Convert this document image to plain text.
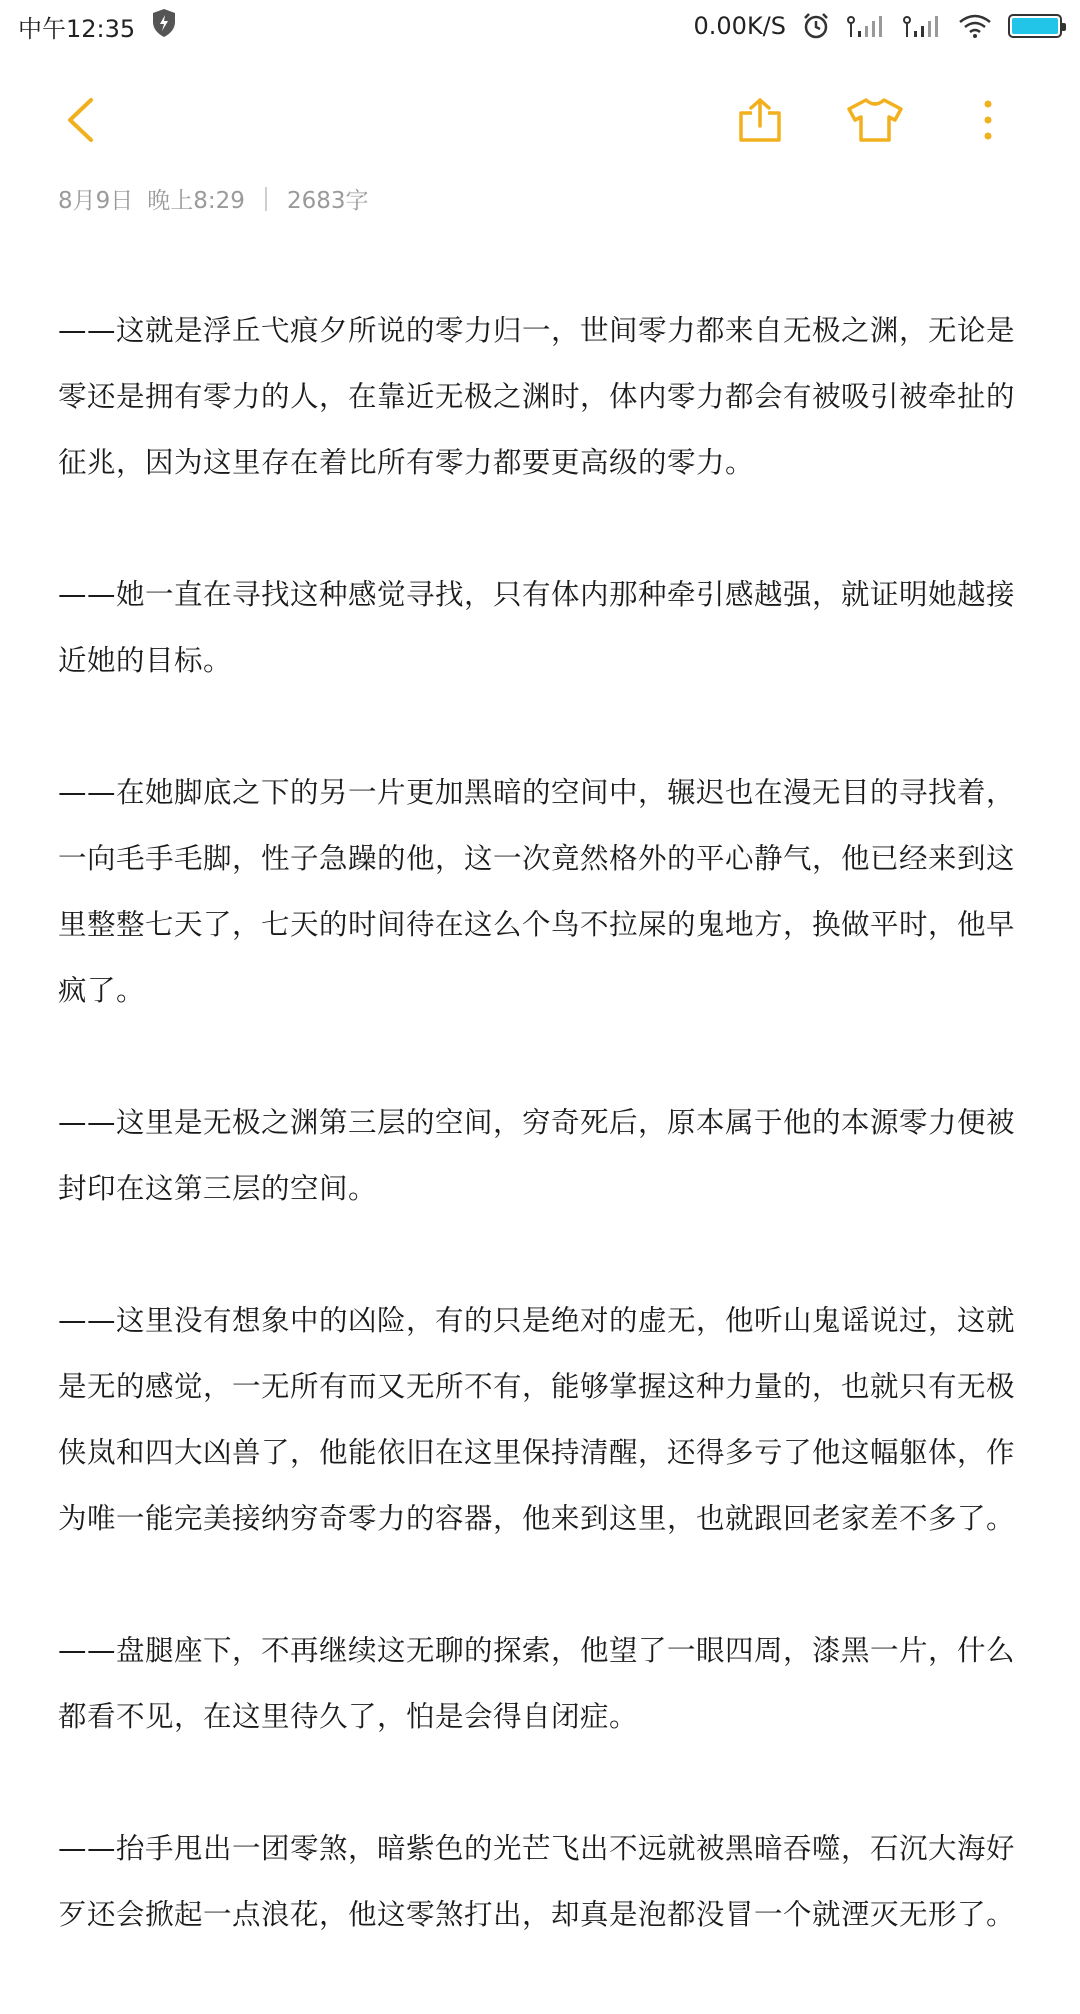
中午12:35	0.00K/S
8月9日 晚上8:29 2683字

——这就是浮丘弋痕夕所说的零力归一，世间零力都来自无极之渊，无论是零还是拥有零力的人，在靠近无极之渊时，体内零力都会有被吸引被牵扯的征兆，因为这里存在着比所有零力都要更高级的零力。

——她一直在寻找这种感觉寻找，只有体内那种牵引感越强，就证明她越接近她的目标。

——在她脚底之下的另一片更加黑暗的空间中，辗迟也在漫无目的寻找着，一向毛手毛脚，性子急躁的他，这一次竟然格外的平心静气，他已经来到这里整整七天了，七天的时间待在这么个鸟不拉屎的鬼地方，换做平时，他早疯了。

——这里是无极之渊第三层的空间，穷奇死后，原本属于他的本源零力便被封印在这第三层的空间。

——这里没有想象中的凶险，有的只是绝对的虚无，他听山鬼谣说过，这就是无的感觉，一无所有而又无所不有，能够掌握这种力量的，也就只有无极侠岚和四大凶兽了，他能依旧在这里保持清醒，还得多亏了他这幅躯体，作为唯一能完美接纳穷奇零力的容器，他来到这里，也就跟回老家差不多了。

——盘腿座下，不再继续这无聊的探索，他望了一眼四周，漆黑一片，什么都看不见，在这里待久了，怕是会得自闭症。

——抬手甩出一团零煞，暗紫色的光芒飞出不远就被黑暗吞噬，石沉大海好歹还会掀起一点浪花，他这零煞打出，却真是泡都没冒一个就湮灭无形了。
